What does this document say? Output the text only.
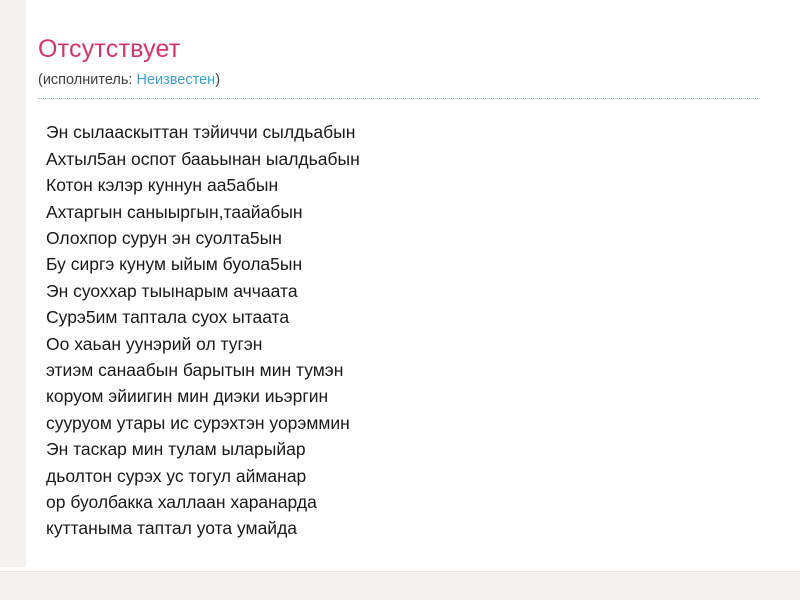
Отсутствует

(исполнитель: Неизвестен)

Эн сылааскыттан тэйиччи сылдьабын
Ахтыл5ан оспот бааьынан ыалдьабын
Котон кэлэр куннун аа5абын
Ахтаргын саныыргын,таайабын
Олохпор сурун эн суолта5ын
Бу сиргэ кунум ыйым буола5ын
Эн суоххар тыынарым аччаата
Сурэ5им таптала суох ытаата
Оо хаьан уунэрий ол тугэн
этиэм санаабын барытын мин тумэн
коруом эйиигин мин диэки иьэргин
сууруом утары ис сурэхтэн уорэммин
Эн таскар мин тулам ыларыйар
дьолтон сурэх ус тогул айманар
ор буолбакка халлаан харанарда
куттаныма таптал уота умайда
